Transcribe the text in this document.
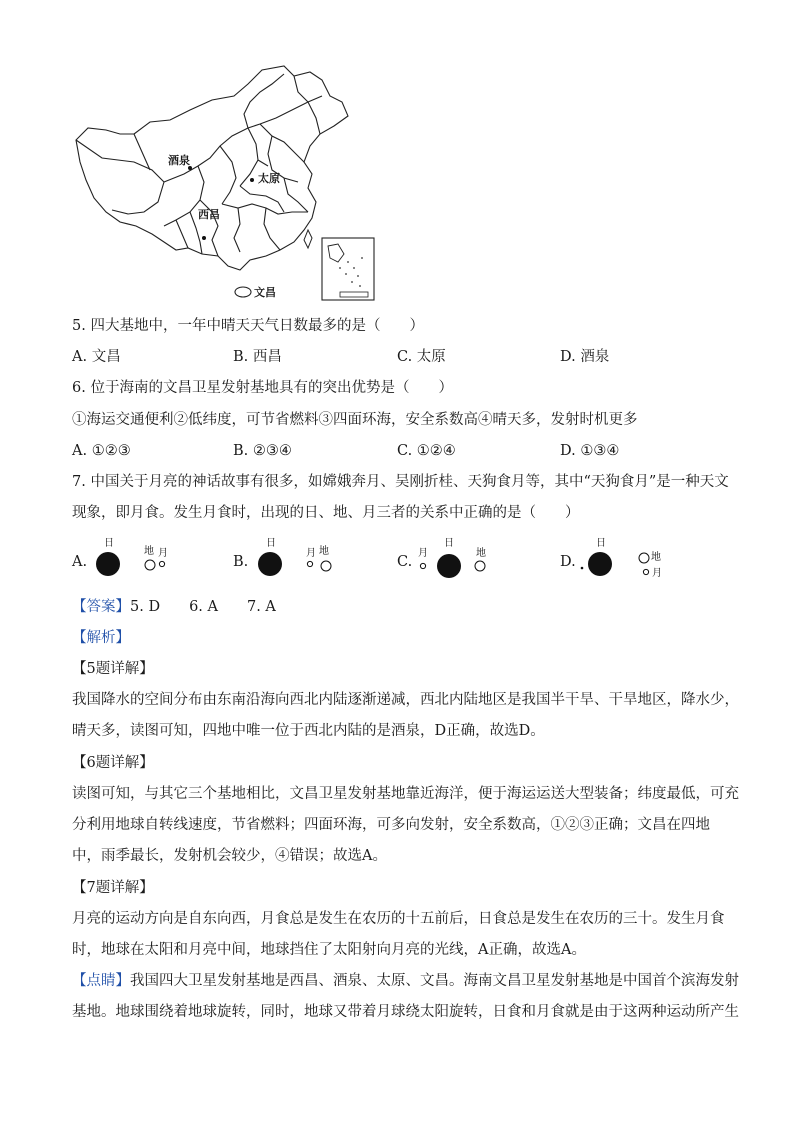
酒泉
太原
西昌
文昌
5. 四大基地中，一年中晴天天气日数最多的是（　　）
A. 文昌	B. 西昌	C. 太原	D. 酒泉
6. 位于海南的文昌卫星发射基地具有的突出优势是（　　）
①海运交通便利②低纬度，可节省燃料③四面环海，安全系数高④晴天多，发射时机更多
A. ①②③	B. ②③④	C. ①②④	D. ①③④
7. 中国关于月亮的神话故事有很多，如嫦娥奔月、吴刚折桂、天狗食月等，其中“天狗食月”是一种天文
现象，即月食。发生月食时，出现的日、地、月三者的关系中正确的是（　　）
A.
日
地 月
B.
日
月 地
C.
月
日
地
D.
日
地
月
【答案】5. D　　6. A　　7. A
【解析】
【5题详解】
我国降水的空间分布由东南沿海向西北内陆逐渐递减，西北内陆地区是我国半干旱、干旱地区，降水少，
晴天多，读图可知，四地中唯一位于西北内陆的是酒泉，D正确，故选D。
【6题详解】
读图可知，与其它三个基地相比，文昌卫星发射基地靠近海洋，便于海运运送大型装备；纬度最低，可充
分利用地球自转线速度，节省燃料；四面环海，可多向发射，安全系数高，①②③正确；文昌在四地
中，雨季最长，发射机会较少，④错误；故选A。
【7题详解】
月亮的运动方向是自东向西，月食总是发生在农历的十五前后，日食总是发生在农历的三十。发生月食
时，地球在太阳和月亮中间，地球挡住了太阳射向月亮的光线，A正确，故选A。
【点睛】我国四大卫星发射基地是西昌、酒泉、太原、文昌。海南文昌卫星发射基地是中国首个滨海发射
基地。地球围绕着地球旋转，同时，地球又带着月球绕太阳旋转，日食和月食就是由于这两种运动所产生
